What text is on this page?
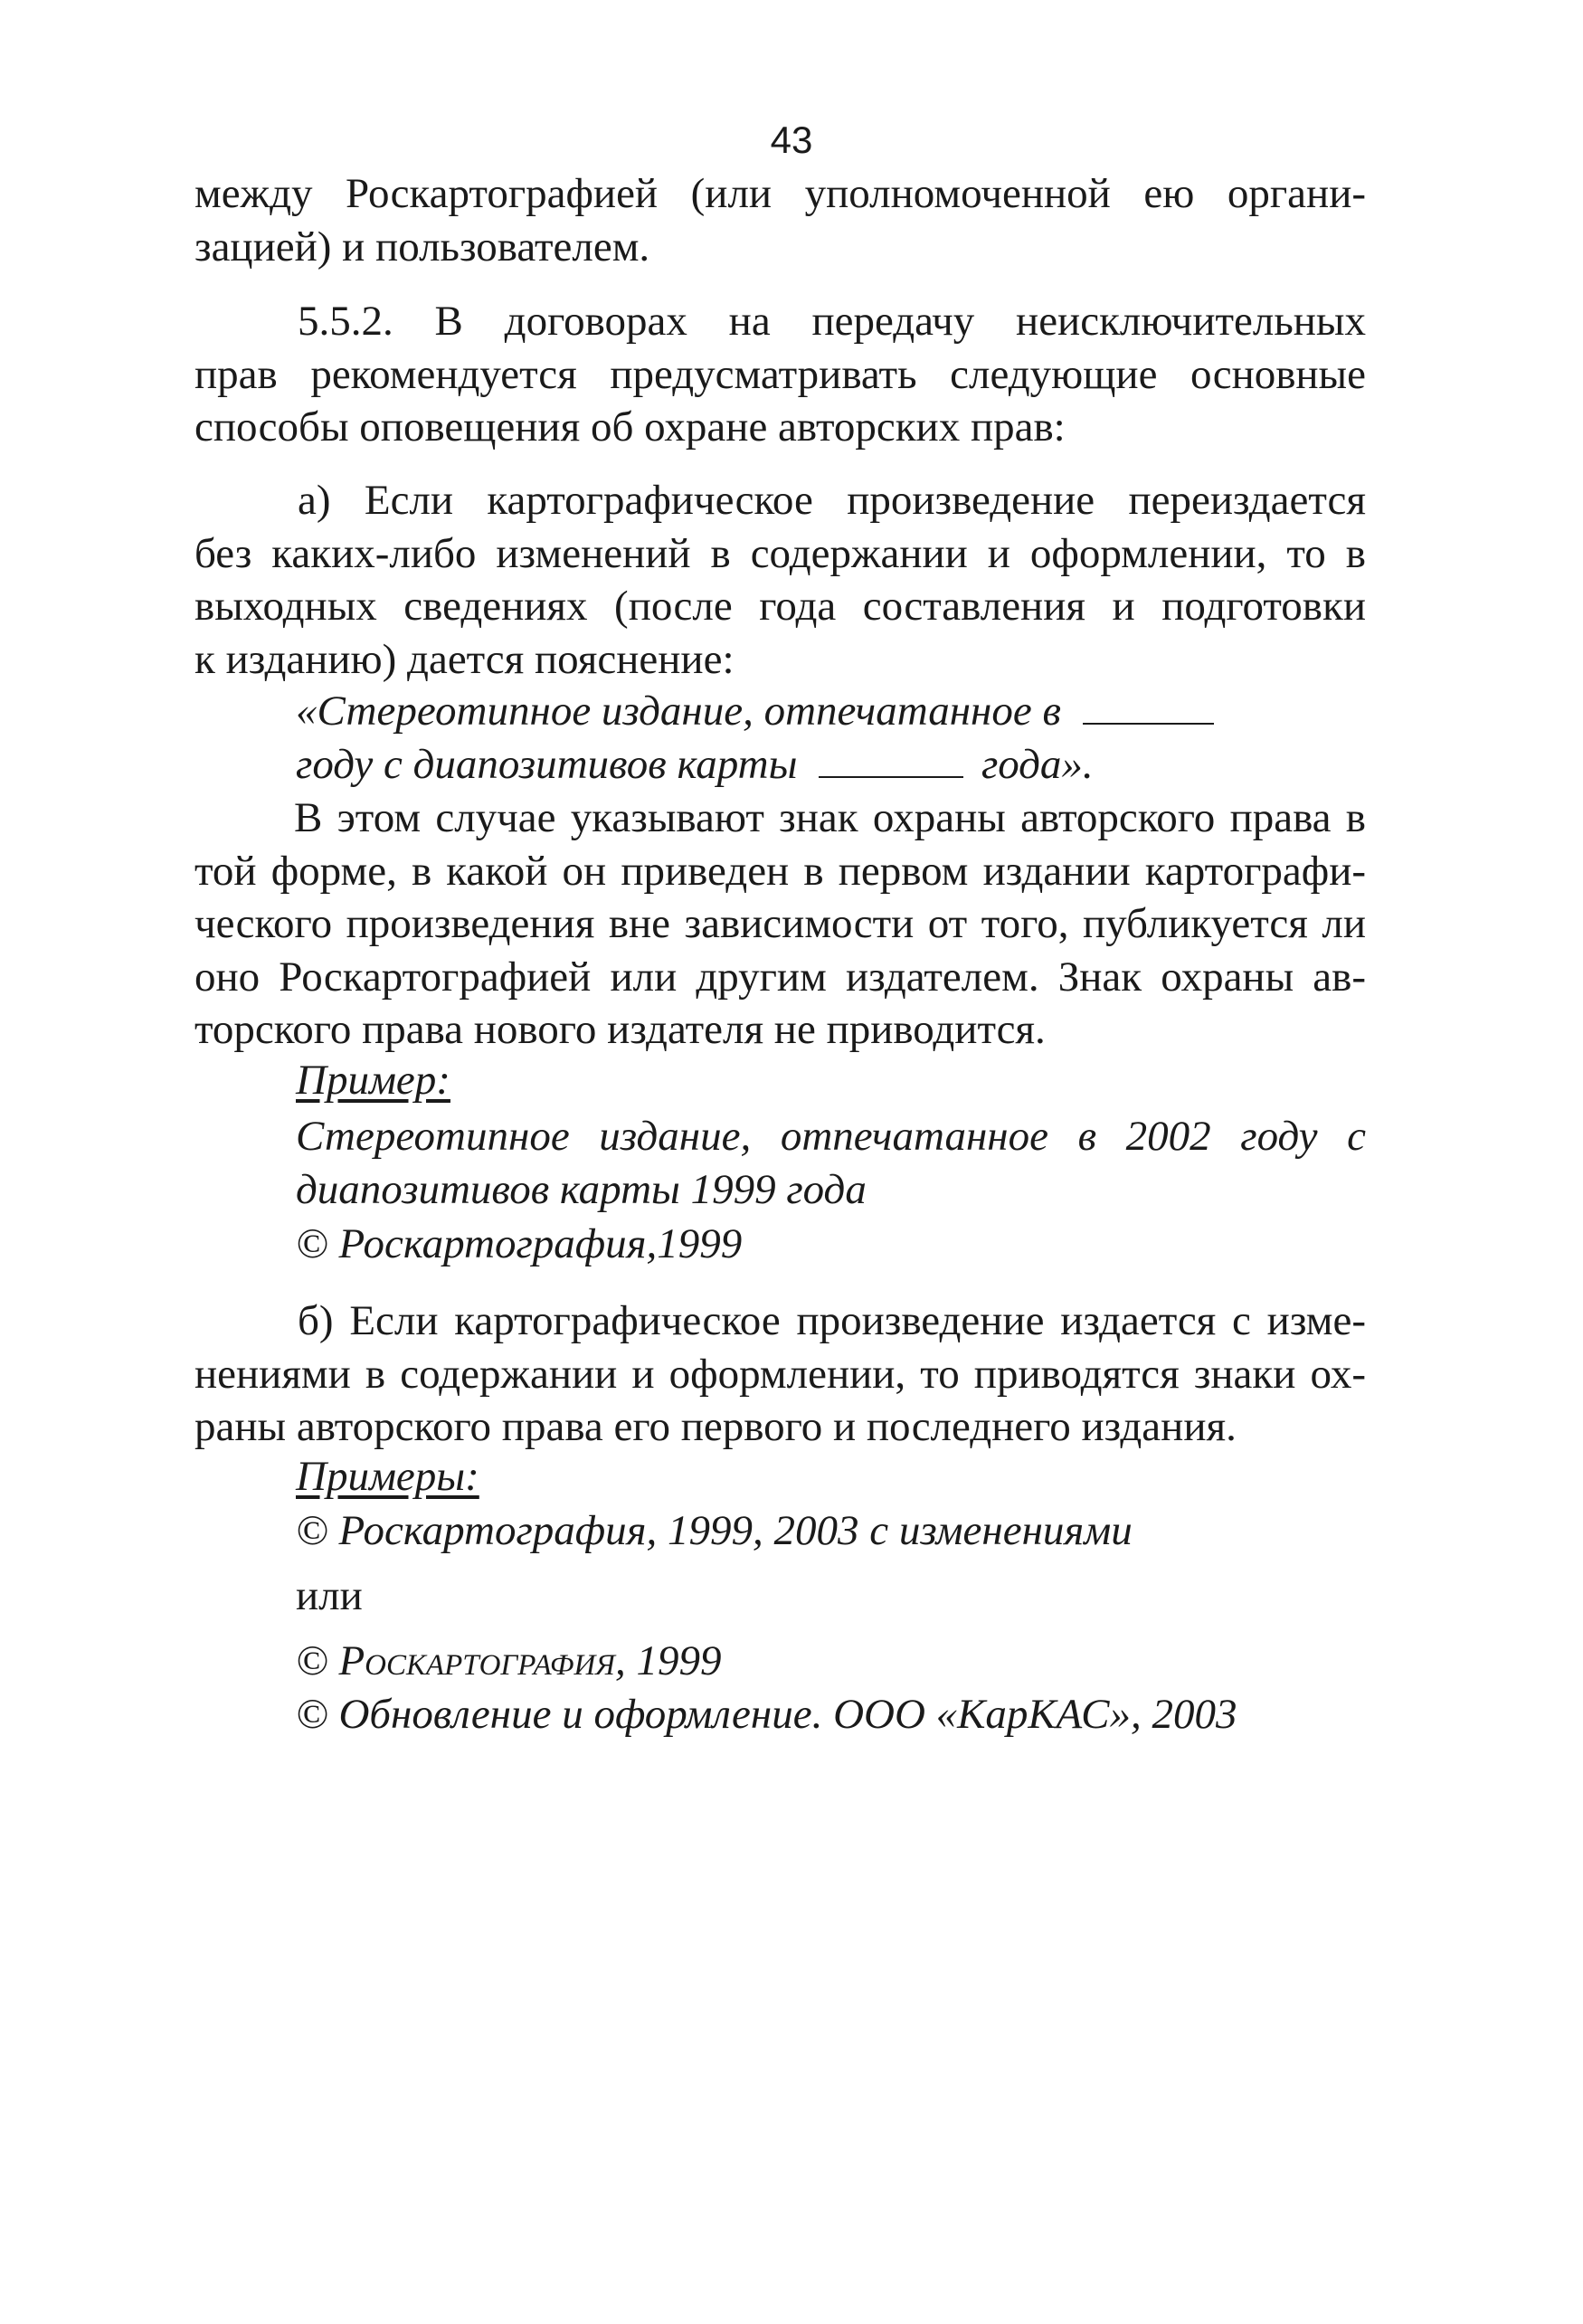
43
между Роскартографией (или уполномоченной ею органи-
зацией) и пользователем.
5.5.2. В договорах на передачу неисключительных
прав рекомендуется предусматривать следующие основные
способы оповещения об охране авторских прав:
а) Если картографическое произведение переиздается
без каких-либо изменений в содержании и оформлении, то в
выходных сведениях (после года составления и подготовки
к изданию) дается пояснение:
«Стереотипное издание, отпечатанное в
году с диапозитивов карты	года».
В этом случае указывают знак охраны авторского права в
той форме, в какой он приведен в первом издании картографи-
ческого произведения вне зависимости от того, публикуется ли
оно Роскартографией или другим издателем. Знак охраны ав-
торского права нового издателя не приводится.
Пример:
Стереотипное издание, отпечатанное в 2002 году с
диапозитивов карты 1999 года
© Роскартография,1999
б) Если картографическое произведение издается с изме-
нениями в содержании и оформлении, то приводятся знаки ох-
раны авторского права его первого и последнего издания.
Примеры:
© Роскартография, 1999, 2003 с изменениями
или
© Роскартография, 1999
© Обновление и оформление. ООО «КарКАС», 2003
